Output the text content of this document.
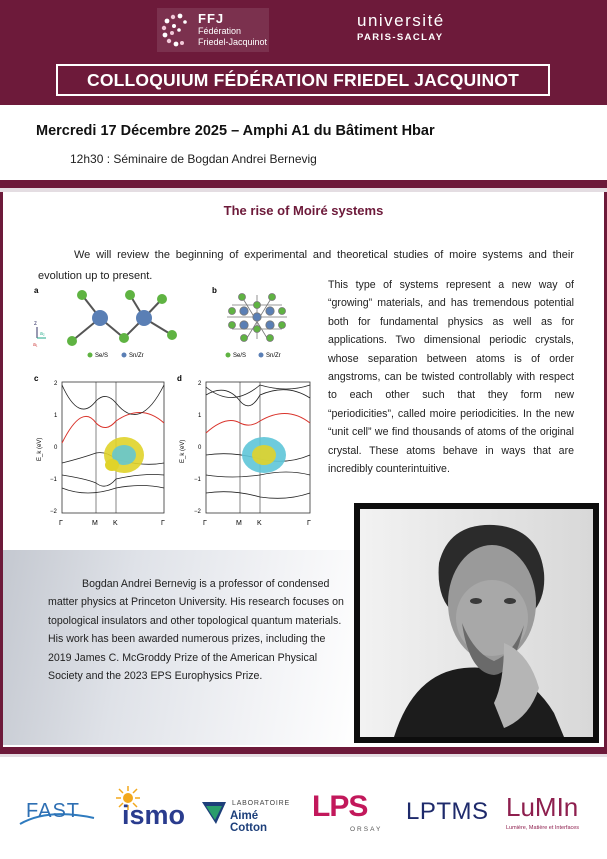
FFJ
Fédération
Friedel-Jacquinot
université
PARIS-SACLAY
COLLOQUIUM FÉDÉRATION FRIEDEL JACQUINOT
Mercredi 17 Décembre 2025 – Amphi A1 du Bâtiment Hbar
12h30 : Séminaire de Bogdan Andrei Bernevig
The rise of Moiré systems
We will review the beginning of experimental and theoretical studies of moire systems and their evolution up to present.
a
z
a₂
a₁
Se/S	Sn/Zr
b
Se/S	Sn/Zr
c
E_k (eV)
2
1
0
−1
−2
Γ	M K	Γ
d
E_k (eV)
2
1
0
−1
−2
Γ	M K	Γ
This type of systems represent a new way of “growing” materials, and has tremendous potential both for fundamental physics as well as for applications. Two dimensional periodic crystals, whose separation between atoms is of order angstroms, can be twisted controllably with respect to each other such that they form new “periodicities”, called moire periodicities. In the new “unit cell” we find thousands of atoms of the original crystal. These atoms behave in ways that are incredibly counterintuitive.
Bogdan Andrei Bernevig is a professor of condensed matter physics at Princeton University. His research focuses on topological insulators and other topological quantum materials. His work has been awarded numerous prizes, including the 2019 James C. McGroddy Prize of the American Physical Society and the 2023 EPS Europhysics Prize.
FAST ismo	LABORATOIRE
Aimé Cotton
LPS
ORSAY
LPTMS LuMIn
Lumière, Matière et Interfaces
